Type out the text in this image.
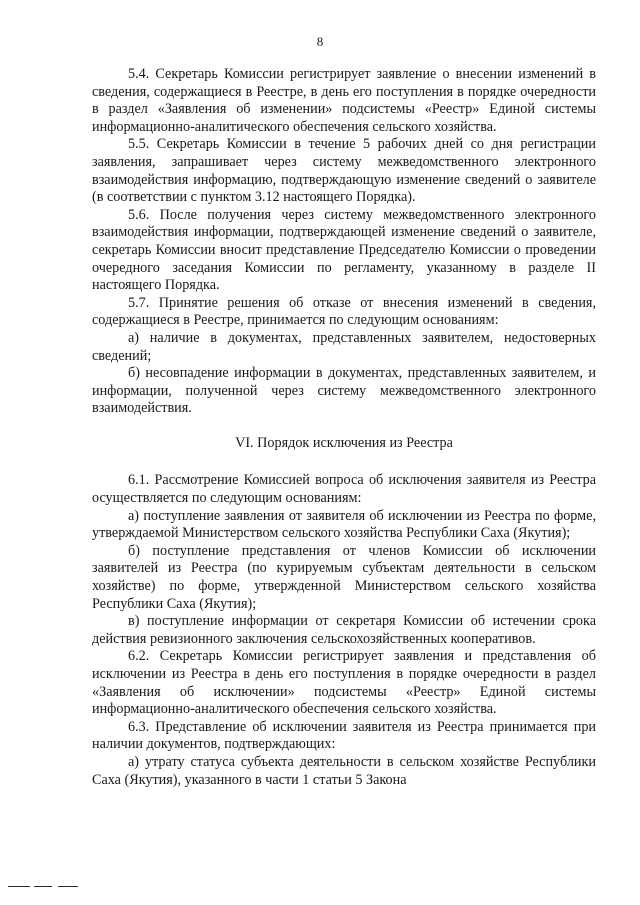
8

5.4. Секретарь Комиссии регистрирует заявление о внесении изменений в сведения, содержащиеся в Реестре, в день его поступления в порядке очередности в раздел «Заявления об изменении» подсистемы «Реестр» Единой системы информационно-аналитического обеспечения сельского хозяйства.

5.5. Секретарь Комиссии в течение 5 рабочих дней со дня регистрации заявления, запрашивает через систему межведомственного электронного взаимодействия информацию, подтверждающую изменение сведений о заявителе (в соответствии с пунктом 3.12 настоящего Порядка).

5.6. После получения через систему межведомственного электронного взаимодействия информации, подтверждающей изменение сведений о заявителе, секретарь Комиссии вносит представление Председателю Комиссии о проведении очередного заседания Комиссии по регламенту, указанному в разделе II настоящего Порядка.

5.7. Принятие решения об отказе от внесения изменений в сведения, содержащиеся в Реестре, принимается по следующим основаниям:

а) наличие в документах, представленных заявителем, недостоверных сведений;

б) несовпадение информации в документах, представленных заявителем, и информации, полученной через систему межведомственного электронного взаимодействия.

VI. Порядок исключения из Реестра

6.1. Рассмотрение Комиссией вопроса об исключения заявителя из Реестра осуществляется по следующим основаниям:

а) поступление заявления от заявителя об исключении из Реестра по форме, утверждаемой Министерством сельского хозяйства Республики Саха (Якутия);

б) поступление представления от членов Комиссии об исключении заявителей из Реестра (по курируемым субъектам деятельности в сельском хозяйстве) по форме, утвержденной Министерством сельского хозяйства Республики Саха (Якутия);

в) поступление информации от секретаря Комиссии об истечении срока действия ревизионного заключения сельскохозяйственных кооперативов.

6.2. Секретарь Комиссии регистрирует заявления и представления об исключении из Реестра в день его поступления в порядке очередности в раздел «Заявления об исключении» подсистемы «Реестр» Единой системы информационно-аналитического обеспечения сельского хозяйства.

6.3. Представление об исключении заявителя из Реестра принимается при наличии документов, подтверждающих:

а) утрату статуса субъекта деятельности в сельском хозяйстве Республики Саха (Якутия), указанного в части 1 статьи 5 Закона
